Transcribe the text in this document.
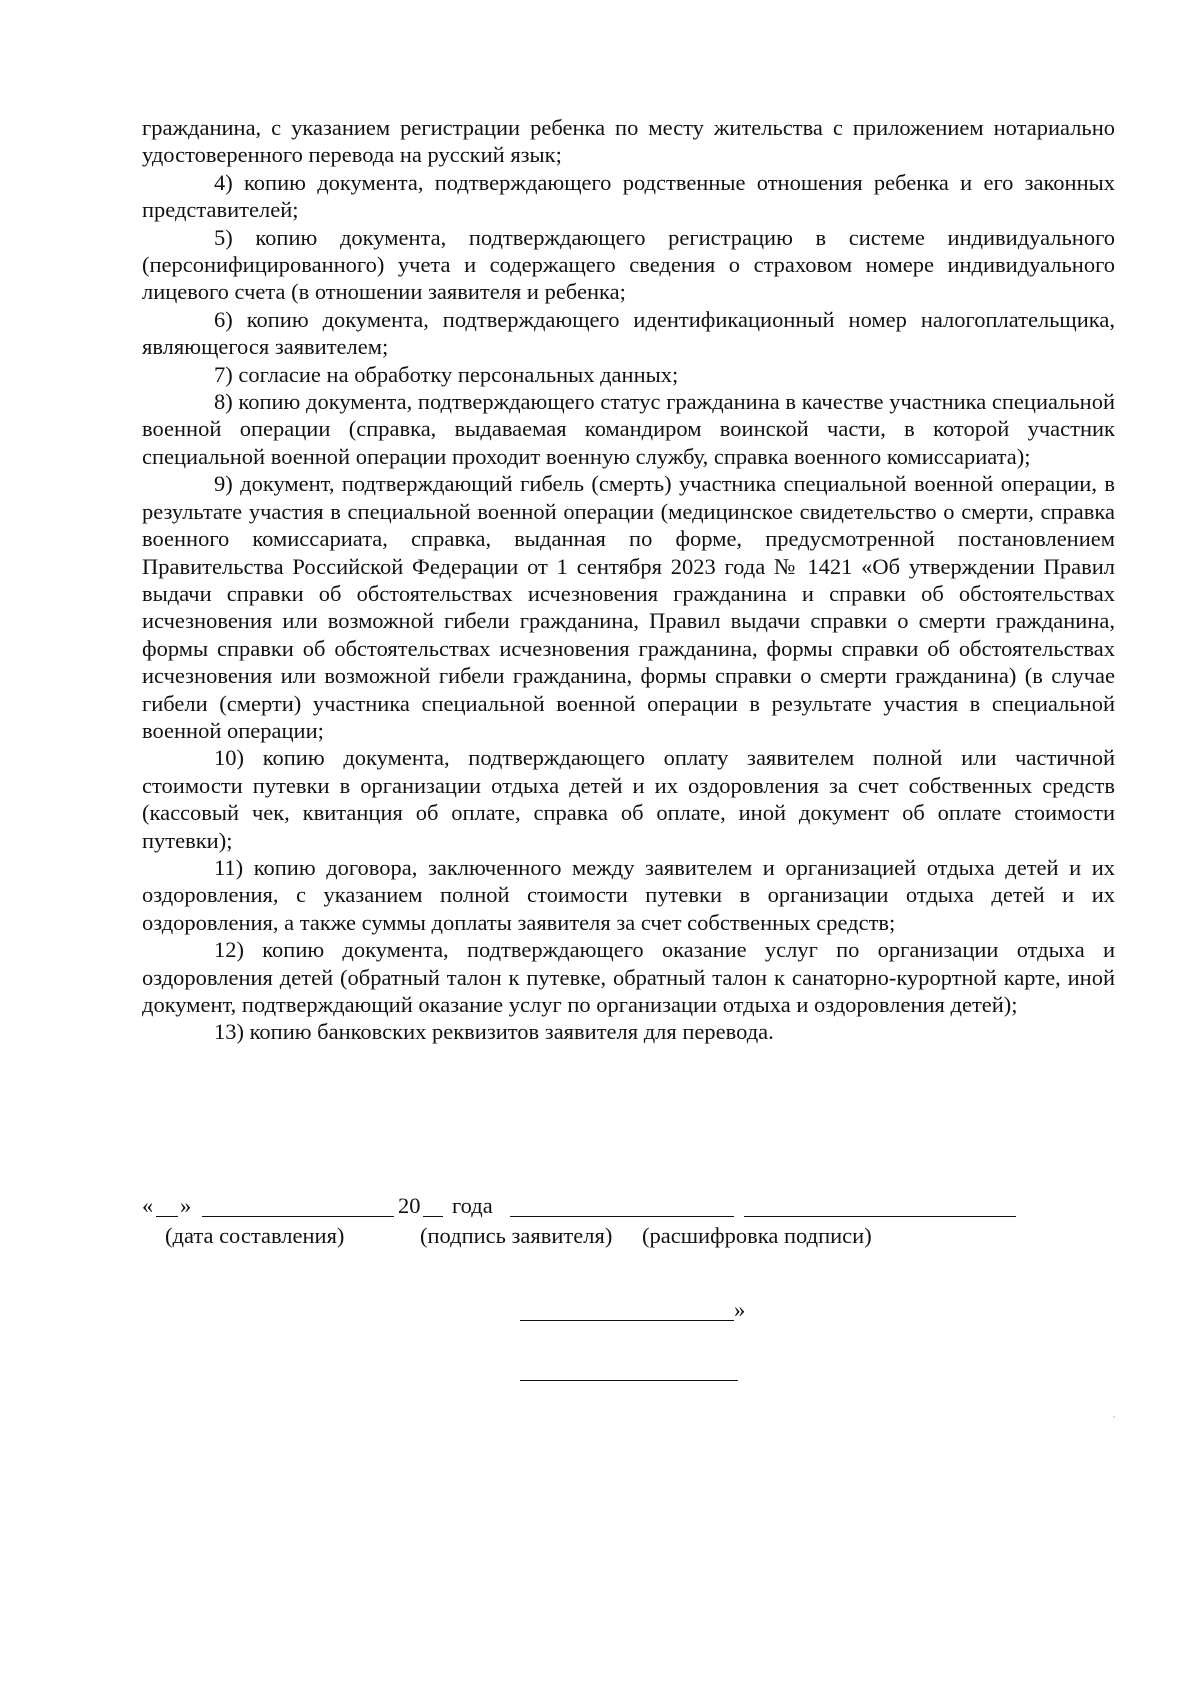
гражданина, с указанием регистрации ребенка по месту жительства с приложением нотариально удостоверенного перевода на русский язык;

4) копию документа, подтверждающего родственные отношения ребенка и его законных представителей;

5) копию документа, подтверждающего регистрацию в системе индивидуального (персонифицированного) учета и содержащего сведения о страховом номере индивидуального лицевого счета (в отношении заявителя и ребенка;

6) копию документа, подтверждающего идентификационный номер налогоплательщика, являющегося заявителем;

7) согласие на обработку персональных данных;

8) копию документа, подтверждающего статус гражданина в качестве участника специальной военной операции (справка, выдаваемая командиром воинской части, в которой участник специальной военной операции проходит военную службу, справка военного комиссариата);

9) документ, подтверждающий гибель (смерть) участника специальной военной операции, в результате участия в специальной военной операции (медицинское свидетельство о смерти, справка военного комиссариата, справка, выданная по форме, предусмотренной постановлением Правительства Российской Федерации от 1 сентября 2023 года № 1421 «Об утверждении Правил выдачи справки об обстоятельствах исчезновения гражданина и справки об обстоятельствах исчезновения или возможной гибели гражданина, Правил выдачи справки о смерти гражданина, формы справки об обстоятельствах исчезновения гражданина, формы справки об обстоятельствах исчезновения или возможной гибели гражданина, формы справки о смерти гражданина) (в случае гибели (смерти) участника специальной военной операции в результате участия в специальной военной операции;

10) копию документа, подтверждающего оплату заявителем полной или частичной стоимости путевки в организации отдыха детей и их оздоровления за счет собственных средств (кассовый чек, квитанция об оплате, справка об оплате, иной документ об оплате стоимости путевки);

11) копию договора, заключенного между заявителем и организацией отдыха детей и их оздоровления, с указанием полной стоимости путевки в организации отдыха детей и их оздоровления, а также суммы доплаты заявителя за счет собственных средств;

12) копию документа, подтверждающего оказание услуг по организации отдыха и оздоровления детей (обратный талон к путевке, обратный талон к санаторно-курортной карте, иной документ, подтверждающий оказание услуг по организации отдыха и оздоровления детей);

13) копию банковских реквизитов заявителя для перевода.

« »	20 года
(дата составления)	(подпись заявителя) (расшифровка подписи)
»
